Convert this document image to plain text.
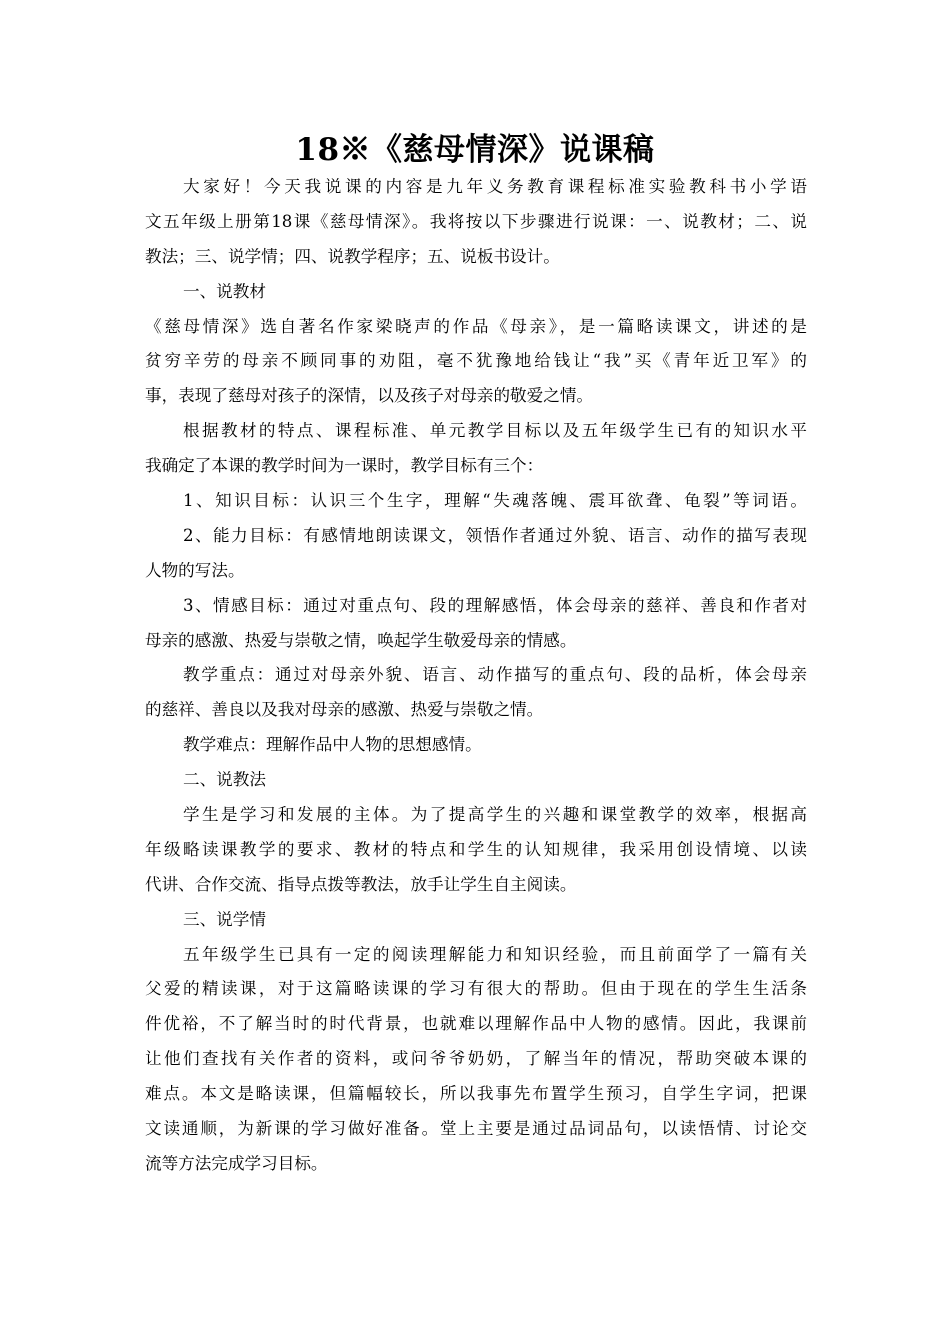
18※《慈母情深》说课稿
大家好！今天我说课的内容是九年义务教育课程标准实验教科书小学语
文五年级上册第18课《慈母情深》。我将按以下步骤进行说课：一、说教材；二、说
教法；三、说学情；四、说教学程序；五、说板书设计。
一、说教材
《慈母情深》选自著名作家梁晓声的作品《母亲》，是一篇略读课文，讲述的是
贫穷辛劳的母亲不顾同事的劝阻，毫不犹豫地给钱让“我”买《青年近卫军》的
事，表现了慈母对孩子的深情，以及孩子对母亲的敬爱之情。
根据教材的特点、课程标准、单元教学目标以及五年级学生已有的知识水平
我确定了本课的教学时间为一课时，教学目标有三个：
1、知识目标：认识三个生字，理解“失魂落魄、震耳欲聋、龟裂”等词语。
2、能力目标：有感情地朗读课文，领悟作者通过外貌、语言、动作的描写表现
人物的写法。
3、情感目标：通过对重点句、段的理解感悟，体会母亲的慈祥、善良和作者对
母亲的感激、热爱与崇敬之情，唤起学生敬爱母亲的情感。
教学重点：通过对母亲外貌、语言、动作描写的重点句、段的品析，体会母亲
的慈祥、善良以及我对母亲的感激、热爱与崇敬之情。
教学难点：理解作品中人物的思想感情。
二、说教法
学生是学习和发展的主体。为了提高学生的兴趣和课堂教学的效率，根据高
年级略读课教学的要求、教材的特点和学生的认知规律，我采用创设情境、以读
代讲、合作交流、指导点拨等教法，放手让学生自主阅读。
三、说学情
五年级学生已具有一定的阅读理解能力和知识经验，而且前面学了一篇有关
父爱的精读课，对于这篇略读课的学习有很大的帮助。但由于现在的学生生活条
件优裕，不了解当时的时代背景，也就难以理解作品中人物的感情。因此，我课前
让他们查找有关作者的资料，或问爷爷奶奶，了解当年的情况，帮助突破本课的
难点。本文是略读课，但篇幅较长，所以我事先布置学生预习，自学生字词，把课
文读通顺，为新课的学习做好准备。堂上主要是通过品词品句，以读悟情、讨论交
流等方法完成学习目标。
